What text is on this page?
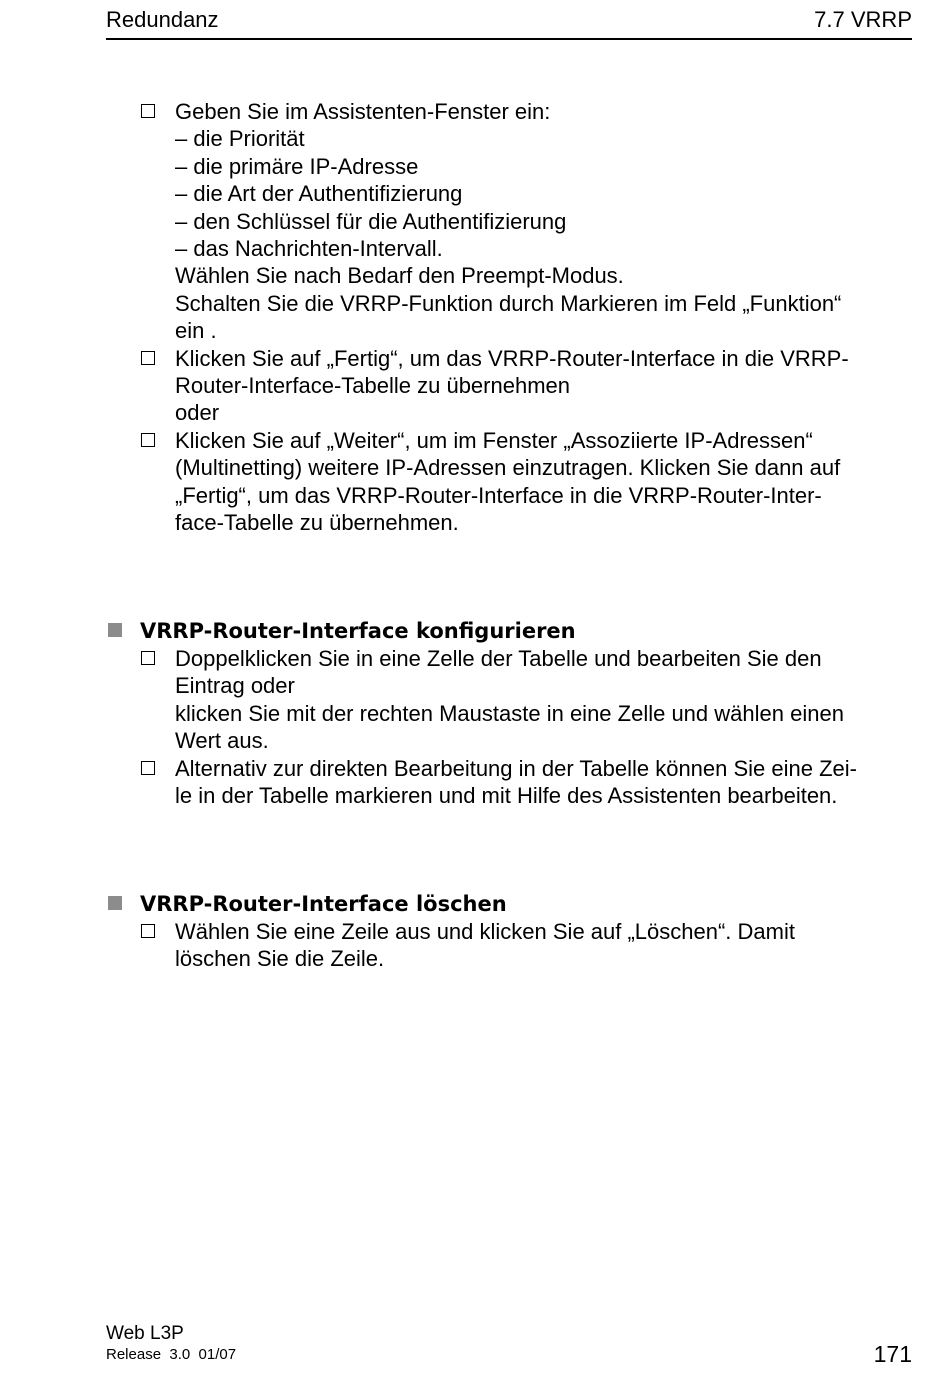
Redundanz	7.7 VRRP
Geben Sie im Assistenten-Fenster ein:
– die Priorität
– die primäre IP-Adresse
– die Art der Authentifizierung
– den Schlüssel für die Authentifizierung
– das Nachrichten-Intervall.
Wählen Sie nach Bedarf den Preempt-Modus.
Schalten Sie die VRRP-Funktion durch Markieren im Feld „Funktion“
ein .
Klicken Sie auf „Fertig“, um das VRRP-Router-Interface in die VRRP-
Router-Interface-Tabelle zu übernehmen
oder
Klicken Sie auf „Weiter“, um im Fenster „Assoziierte IP-Adressen“
(Multinetting) weitere IP-Adressen einzutragen. Klicken Sie dann auf
„Fertig“, um das VRRP-Router-Interface in die VRRP-Router-Inter-
face-Tabelle zu übernehmen.
VRRP-Router-Interface konfigurieren
Doppelklicken Sie in eine Zelle der Tabelle und bearbeiten Sie den
Eintrag oder
klicken Sie mit der rechten Maustaste in eine Zelle und wählen einen
Wert aus.
Alternativ zur direkten Bearbeitung in der Tabelle können Sie eine Zei-
le in der Tabelle markieren und mit Hilfe des Assistenten bearbeiten.
VRRP-Router-Interface löschen
Wählen Sie eine Zeile aus und klicken Sie auf „Löschen“. Damit
löschen Sie die Zeile.
Web L3P
Release  3.0  01/07	171
